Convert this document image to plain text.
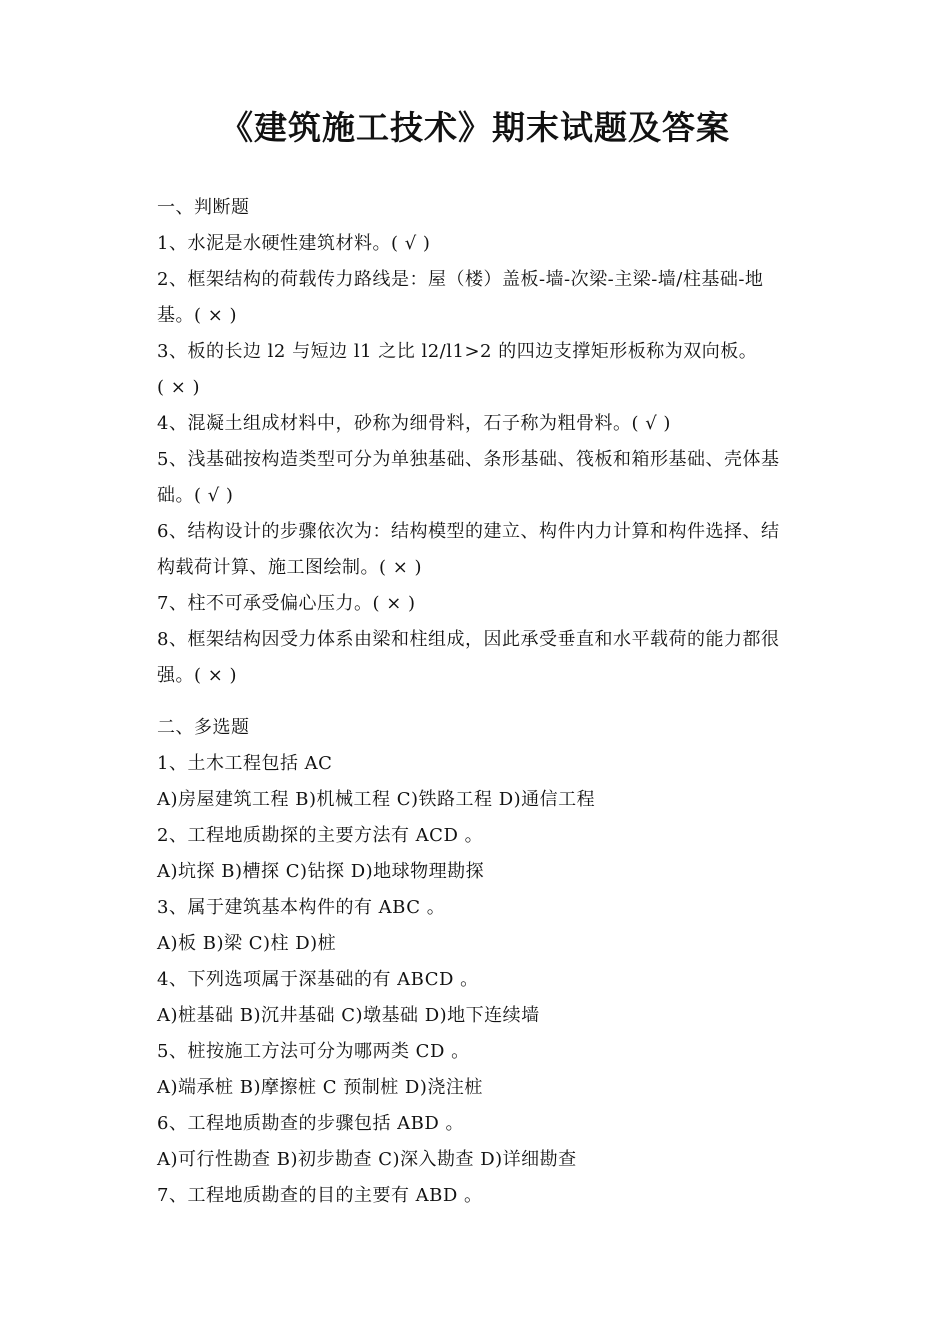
《建筑施工技术》期末试题及答案
一、判断题
1、水泥是水硬性建筑材料。( √ )
2、框架结构的荷载传力路线是：屋（楼）盖板-墙-次梁-主梁-墙/柱基础-地
基。( × )
3、板的长边 l2 与短边 l1 之比 l2/l1>2 的四边支撑矩形板称为双向板。
( × )
4、混凝土组成材料中，砂称为细骨料，石子称为粗骨料。( √ )
5、浅基础按构造类型可分为单独基础、条形基础、筏板和箱形基础、壳体基
础。( √ )
6、结构设计的步骤依次为：结构模型的建立、构件内力计算和构件选择、结
构载荷计算、施工图绘制。( × )
7、柱不可承受偏心压力。( × )
8、框架结构因受力体系由梁和柱组成，因此承受垂直和水平载荷的能力都很
强。( × )
二、多选题
1、土木工程包括 AC
A)房屋建筑工程 B)机械工程 C)铁路工程 D)通信工程
2、工程地质勘探的主要方法有 ACD 。
A)坑探 B)槽探 C)钻探 D)地球物理勘探
3、属于建筑基本构件的有 ABC 。
A)板 B)梁 C)柱 D)桩
4、下列选项属于深基础的有 ABCD 。
A)桩基础 B)沉井基础 C)墩基础 D)地下连续墙
5、桩按施工方法可分为哪两类 CD 。
A)端承桩 B)摩擦桩 C 预制桩 D)浇注桩
6、工程地质勘查的步骤包括 ABD 。
A)可行性勘查 B)初步勘查 C)深入勘查 D)详细勘查
7、工程地质勘查的目的主要有 ABD 。
